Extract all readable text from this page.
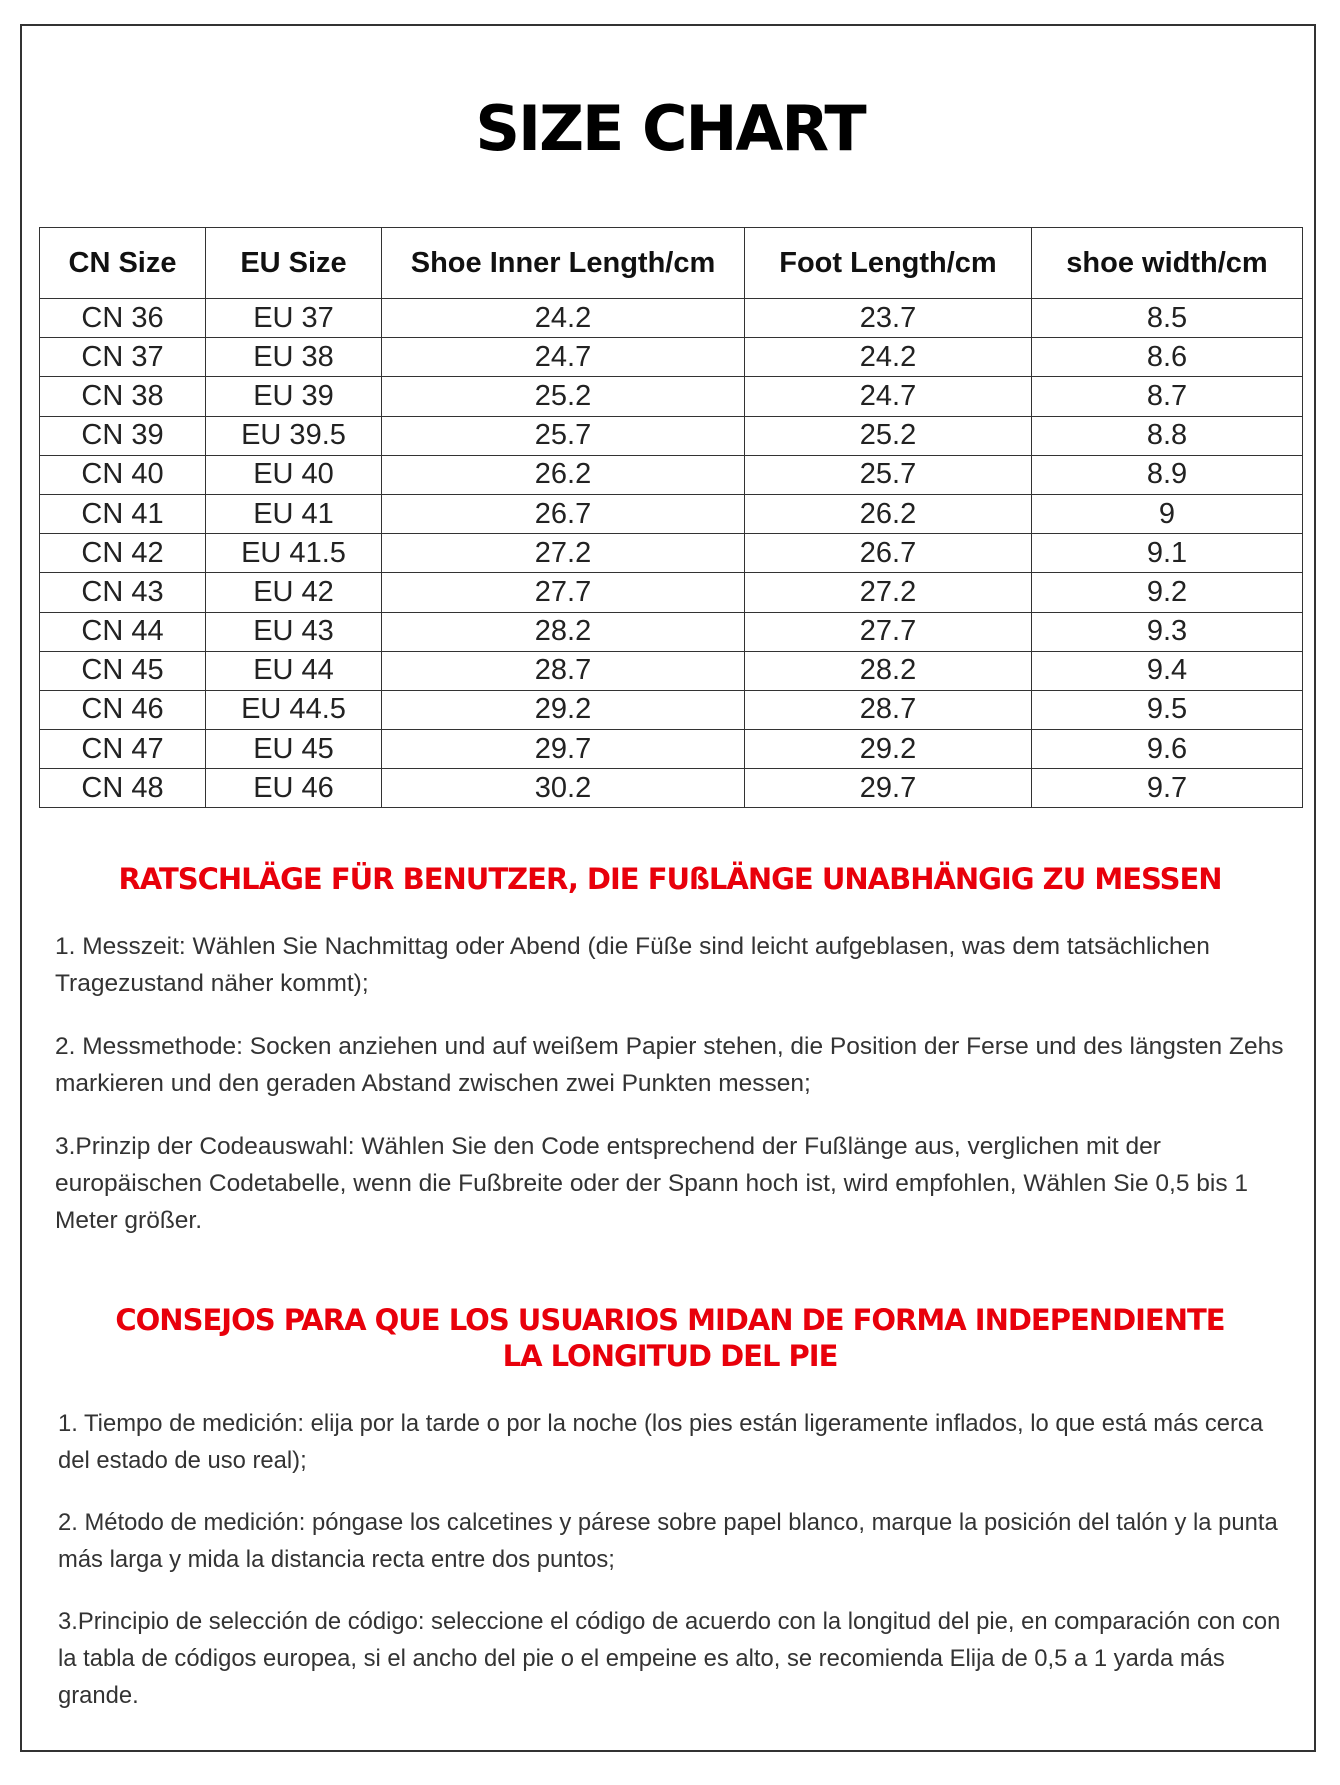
SIZE CHART
CN Size	EU Size	Shoe Inner Length/cm	Foot Length/cm	shoe width/cm
CN 36	EU 37	24.2	23.7	8.5
CN 37	EU 38	24.7	24.2	8.6
CN 38	EU 39	25.2	24.7	8.7
CN 39	EU 39.5	25.7	25.2	8.8
CN 40	EU 40	26.2	25.7	8.9
CN 41	EU 41	26.7	26.2	9
CN 42	EU 41.5	27.2	26.7	9.1
CN 43	EU 42	27.7	27.2	9.2
CN 44	EU 43	28.2	27.7	9.3
CN 45	EU 44	28.7	28.2	9.4
CN 46	EU 44.5	29.2	28.7	9.5
CN 47	EU 45	29.7	29.2	9.6
CN 48	EU 46	30.2	29.7	9.7
RATSCHLÄGE FÜR BENUTZER, DIE FUßLÄNGE UNABHÄNGIG ZU MESSEN

1. Messzeit: Wählen Sie Nachmittag oder Abend (die Füße sind leicht aufgeblasen, was dem tatsächlichen Tragezustand näher kommt);

2. Messmethode: Socken anziehen und auf weißem Papier stehen, die Position der Ferse und des längsten Zehs markieren und den geraden Abstand zwischen zwei Punkten messen;

3.Prinzip der Codeauswahl: Wählen Sie den Code entsprechend der Fußlänge aus, verglichen mit der europäischen Codetabelle, wenn die Fußbreite oder der Spann hoch ist, wird empfohlen, Wählen Sie 0,5 bis 1 Meter größer.

CONSEJOS PARA QUE LOS USUARIOS MIDAN DE FORMA INDEPENDIENTE
LA LONGITUD DEL PIE

1. Tiempo de medición: elija por la tarde o por la noche (los pies están ligeramente inflados, lo que está más cerca del estado de uso real);

2. Método de medición: póngase los calcetines y párese sobre papel blanco, marque la posición del talón y la punta más larga y mida la distancia recta entre dos puntos;

3.Principio de selección de código: seleccione el código de acuerdo con la longitud del pie, en comparación con con la tabla de códigos europea, si el ancho del pie o el empeine es alto, se recomienda Elija de 0,5 a 1 yarda más grande.
